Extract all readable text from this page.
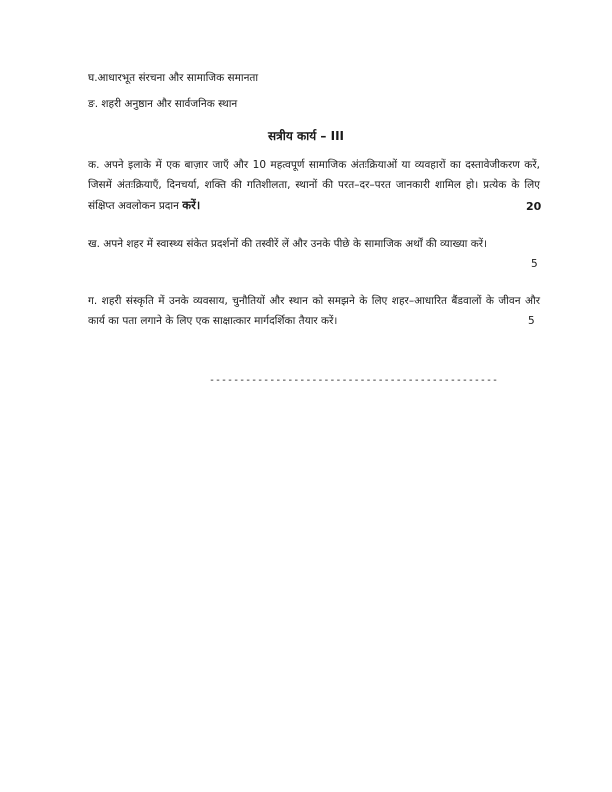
घ.आधारभूत संरचना और सामाजिक समानता
ङ. शहरी अनुष्ठान और सार्वजनिक स्थान
सत्रीय कार्य – III
क. अपने इलाके में एक बाज़ार जाएँ और 10 महत्वपूर्ण सामाजिक अंतःक्रियाओं या व्यवहारों का दस्तावेजीकरण करें, जिसमें अंतःक्रियाएँ, दिनचर्या, शक्ति की गतिशीलता, स्थानों की परत–दर–परत जानकारी शामिल हो। प्रत्येक के लिए संक्षिप्त अवलोकन प्रदान करें।	20
ख. अपने शहर में स्वास्थ्य संकेत प्रदर्शनों की तस्वीरें लें और उनके पीछे के सामाजिक अर्थों की व्याख्या करें।
5
ग. शहरी संस्कृति में उनके व्यवसाय, चुनौतियों और स्थान को समझने के लिए शहर–आधारित बैंडवालों के जीवन और कार्य का पता लगाने के लिए एक साक्षात्कार मार्गदर्शिका तैयार करें।	5
------------------------------------------------
